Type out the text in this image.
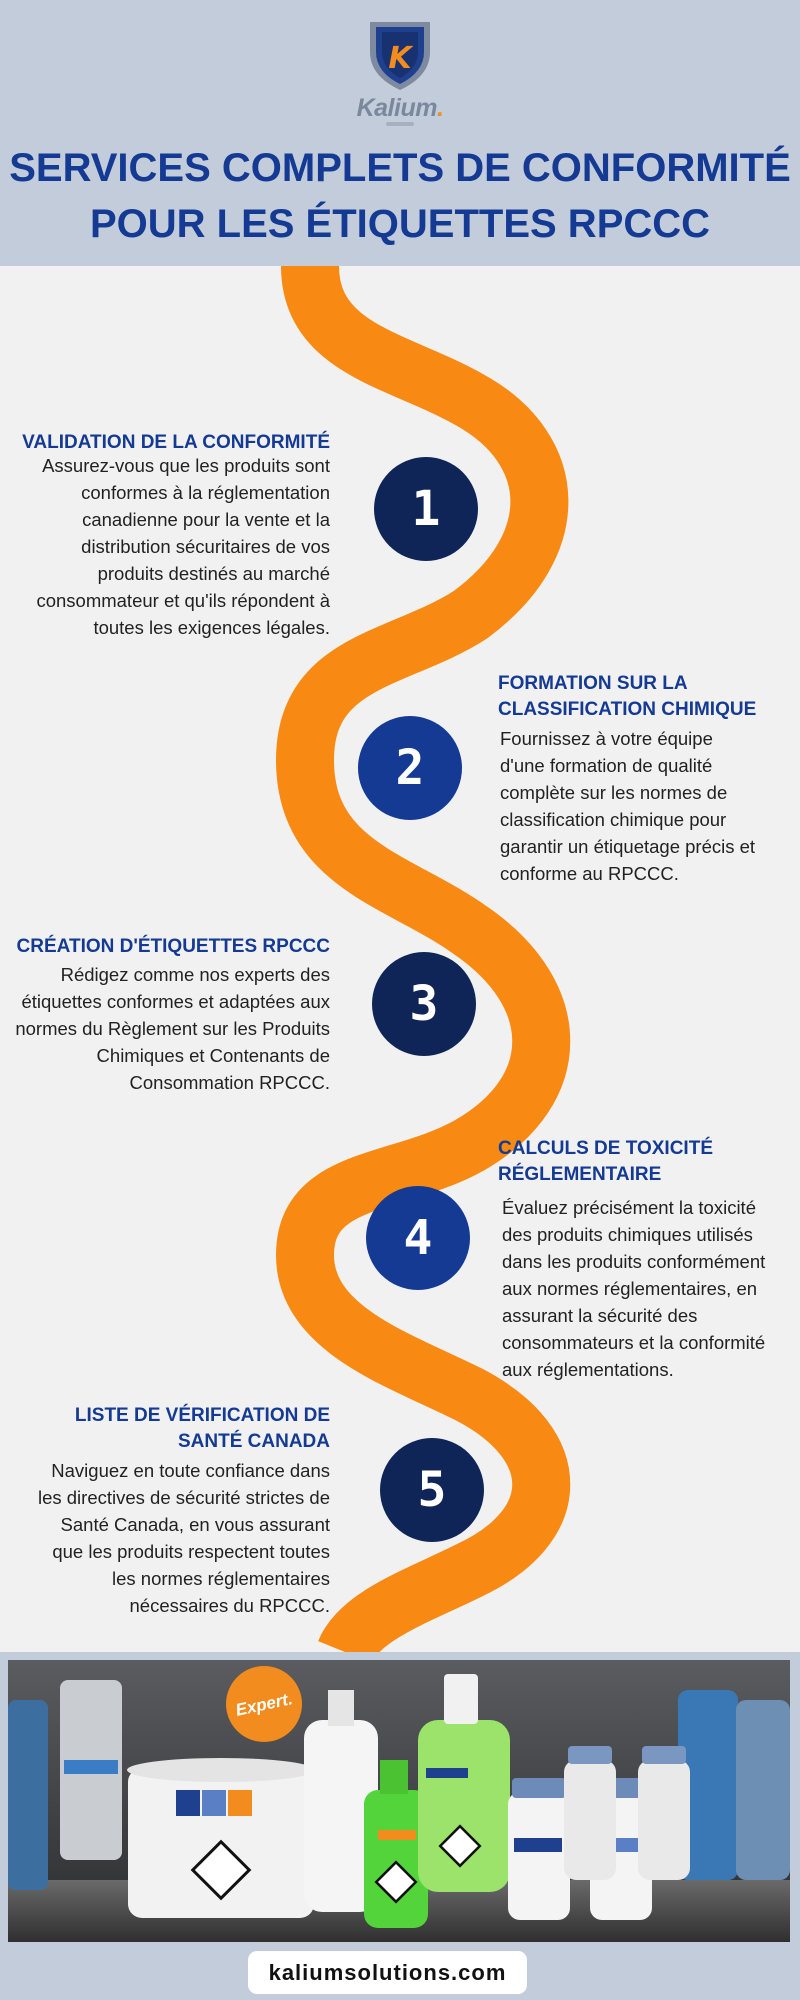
K
Kalium.
SERVICES COMPLETS DE CONFORMITÉ
POUR LES ÉTIQUETTES RPCCC
1
VALIDATION DE LA CONFORMITÉ
Assurez-vous que les produits sont
conformes à la réglementation
canadienne pour la vente et la
distribution sécuritaires de vos
produits destinés au marché
consommateur et qu'ils répondent à
toutes les exigences légales.
2
FORMATION SUR LA
CLASSIFICATION CHIMIQUE
Fournissez à votre équipe
d'une formation de qualité
complète sur les normes de
classification chimique pour
garantir un étiquetage précis et
conforme au RPCCC.
3
CRÉATION D'ÉTIQUETTES RPCCC
Rédigez comme nos experts des
étiquettes conformes et adaptées aux
normes du Règlement sur les Produits
Chimiques et Contenants de
Consommation RPCCC.
4
CALCULS DE TOXICITÉ
RÉGLEMENTAIRE
Évaluez précisément la toxicité
des produits chimiques utilisés
dans les produits conformément
aux normes réglementaires, en
assurant la sécurité des
consommateurs et la conformité
aux réglementations.
5
LISTE DE VÉRIFICATION DE
SANTÉ CANADA
Naviguez en toute confiance dans
les directives de sécurité strictes de
Santé Canada, en vous assurant
que les produits respectent toutes
les normes réglementaires
nécessaires du RPCCC.
Expert.
kaliumsolutions.com
